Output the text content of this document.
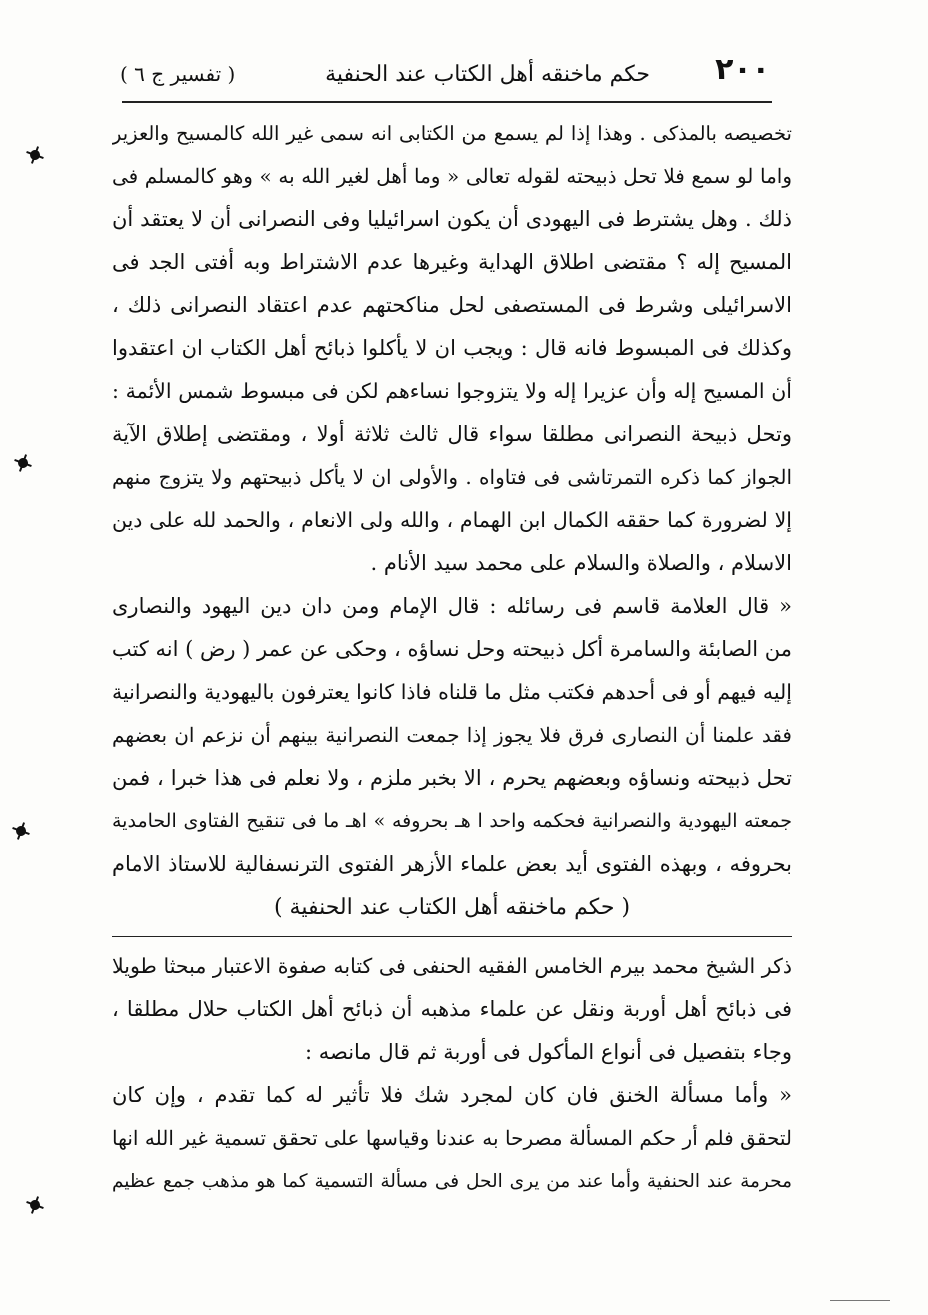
٢٠٠
حكم ماخنقه أهل الكتاب عند الحنفية
( تفسير ج ٦ )
تخصيصه بالمذكى . وهذا إذا لم يسمع من الكتابى انه سمى غير الله كالمسيح والعزير
واما لو سمع فلا تحل ذبيحته لقوله تعالى « وما أهل لغير الله به » وهو كالمسلم فى
ذلك . وهل يشترط فى اليهودى أن يكون اسرائيليا وفى النصرانى أن لا يعتقد أن
المسيح إله ؟ مقتضى اطلاق الهداية وغيرها عدم الاشتراط وبه أفتى الجد فى
الاسرائيلى وشرط فى المستصفى لحل مناكحتهم عدم اعتقاد النصرانى ذلك ،
وكذلك فى المبسوط فانه قال : ويجب ان لا يأكلوا ذبائح أهل الكتاب ان اعتقدوا
أن المسيح إله وأن عزيرا إله ولا يتزوجوا نساءهم لكن فى مبسوط شمس الأئمة :
وتحل ذبيحة النصرانى مطلقا سواء قال ثالث ثلاثة أولا ، ومقتضى إطلاق الآية
الجواز كما ذكره التمرتاشى فى فتاواه . والأولى ان لا يأكل ذبيحتهم ولا يتزوج منهم
إلا لضرورة كما حققه الكمال ابن الهمام ، والله ولى الانعام ، والحمد لله على دين
الاسلام ، والصلاة والسلام على محمد سيد الأنام .
« قال العلامة قاسم فى رسائله : قال الإمام ومن دان دين اليهود والنصارى
من الصابئة والسامرة أكل ذبيحته وحل نساؤه ، وحكى عن عمر ( رض ) انه كتب
إليه فيهم أو فى أحدهم فكتب مثل ما قلناه فاذا كانوا يعترفون باليهودية والنصرانية
فقد علمنا أن النصارى فرق فلا يجوز إذا جمعت النصرانية بينهم أن نزعم ان بعضهم
تحل ذبيحته ونساؤه وبعضهم يحرم ، الا بخبر ملزم ، ولا نعلم فى هذا خبرا ، فمن
جمعته اليهودية والنصرانية فحكمه واحد ا هـ بحروفه » اهـ ما فى تنقيح الفتاوى الحامدية
بحروفه ، وبهذه الفتوى أيد بعض علماء الأزهر الفتوى الترنسفالية للاستاذ الامام
( حكم ماخنقه أهل الكتاب عند الحنفية )
ذكر الشيخ محمد بيرم الخامس الفقيه الحنفى فى كتابه صفوة الاعتبار مبحثا طويلا
فى ذبائح أهل أوربة ونقل عن علماء مذهبه أن ذبائح أهل الكتاب حلال مطلقا ،
وجاء بتفصيل فى أنواع المأكول فى أوربة ثم قال مانصه :
« وأما مسألة الخنق فان كان لمجرد شك فلا تأثير له كما تقدم ، وإن كان
لتحقق فلم أر حكم المسألة مصرحا به عندنا وقياسها على تحقق تسمية غير الله انها
محرمة عند الحنفية وأما عند من يرى الحل فى مسألة التسمية كما هو مذهب جمع عظيم
